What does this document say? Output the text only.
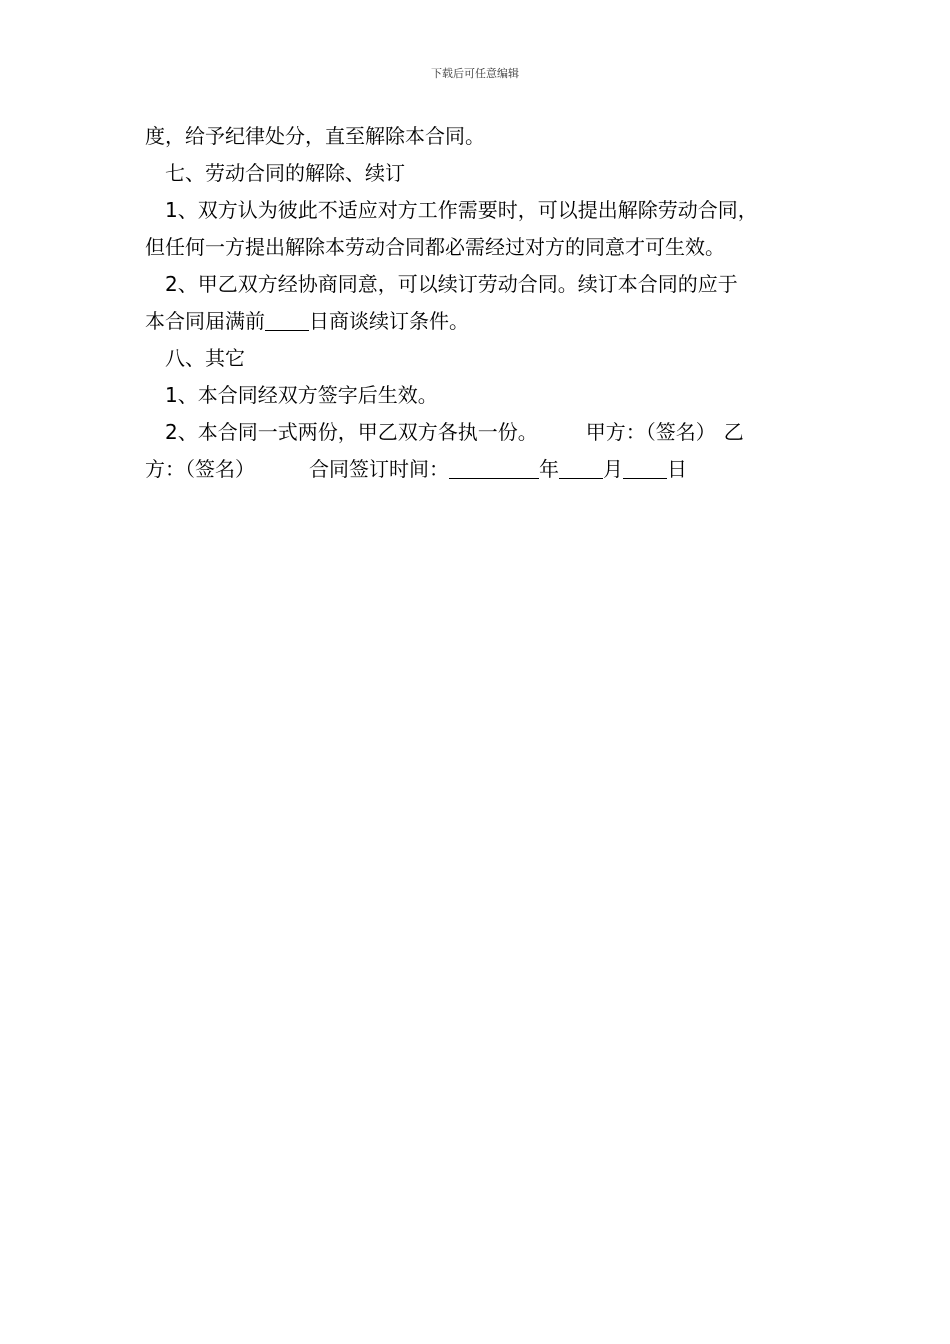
下载后可任意编辑

度，给予纪律处分，直至解除本合同。

七、劳动合同的解除、续订

1、双方认为彼此不适应对方工作需要时，可以提出解除劳动合同，

但任何一方提出解除本劳动合同都必需经过对方的同意才可生效。

2、甲乙双方经协商同意，可以续订劳动合同。续订本合同的应于

本合同届满前 日商谈续订条件。

八、其它

1、本合同经双方签字后生效。

2、本合同一式两份，甲乙双方各执一份。 甲方：（签名） 乙

方：（签名）	合同签订时间：	年 月 日
